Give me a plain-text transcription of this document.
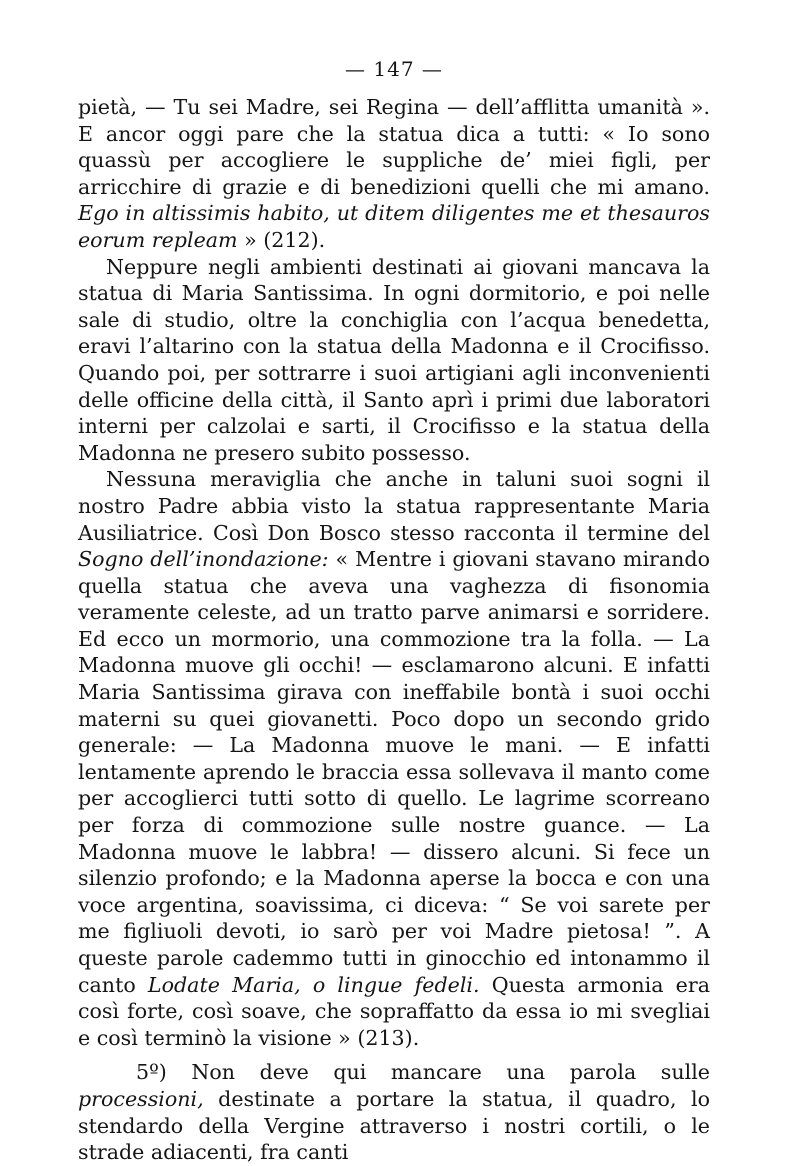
— 147 —

pietà, — Tu sei Madre, sei Regina — dell’afflitta umanità ». E ancor oggi pare che la statua dica a tutti: « Io sono quassù per accogliere le suppliche de’ miei figli, per arricchire di grazie e di benedizioni quelli che mi amano. Ego in altissimis habito, ut ditem diligentes me et thesauros eorum repleam » (212).

Neppure negli ambienti destinati ai giovani mancava la statua di Maria Santissima. In ogni dormitorio, e poi nelle sale di studio, oltre la conchiglia con l’acqua benedetta, eravi l’altarino con la statua della Madonna e il Crocifisso. Quando poi, per sottrarre i suoi artigiani agli inconvenienti delle officine della città, il Santo aprì i primi due laboratori interni per calzolai e sarti, il Crocifisso e la statua della Madonna ne presero subito possesso.

Nessuna meraviglia che anche in taluni suoi sogni il nostro Padre abbia visto la statua rappresentante Maria Ausiliatrice. Così Don Bosco stesso racconta il termine del Sogno dell’inondazione: « Mentre i giovani stavano mirando quella statua che aveva una vaghezza di fisonomia veramente celeste, ad un tratto parve animarsi e sorridere. Ed ecco un mormorio, una commozione tra la folla. — La Madonna muove gli occhi! — esclamarono alcuni. E infatti Maria Santissima girava con ineffabile bontà i suoi occhi materni su quei giovanetti. Poco dopo un secondo grido generale: — La Madonna muove le mani. — E infatti lentamente aprendo le braccia essa sollevava il manto come per accoglierci tutti sotto di quello. Le lagrime scorreano per forza di commozione sulle nostre guance. — La Madonna muove le labbra! — dissero alcuni. Si fece un silenzio profondo; e la Madonna aperse la bocca e con una voce argentina, soavissima, ci diceva: “ Se voi sarete per me figliuoli devoti, io sarò per voi Madre pietosa! ”. A queste parole cademmo tutti in ginocchio ed intonammo il canto Lodate Maria, o lingue fedeli. Questa armonia era così forte, così soave, che sopraffatto da essa io mi svegliai e così terminò la visione » (213).

5º) Non deve qui mancare una parola sulle processioni, destinate a portare la statua, il quadro, lo stendardo della Vergine attraverso i nostri cortili, o le strade adiacenti, fra canti
